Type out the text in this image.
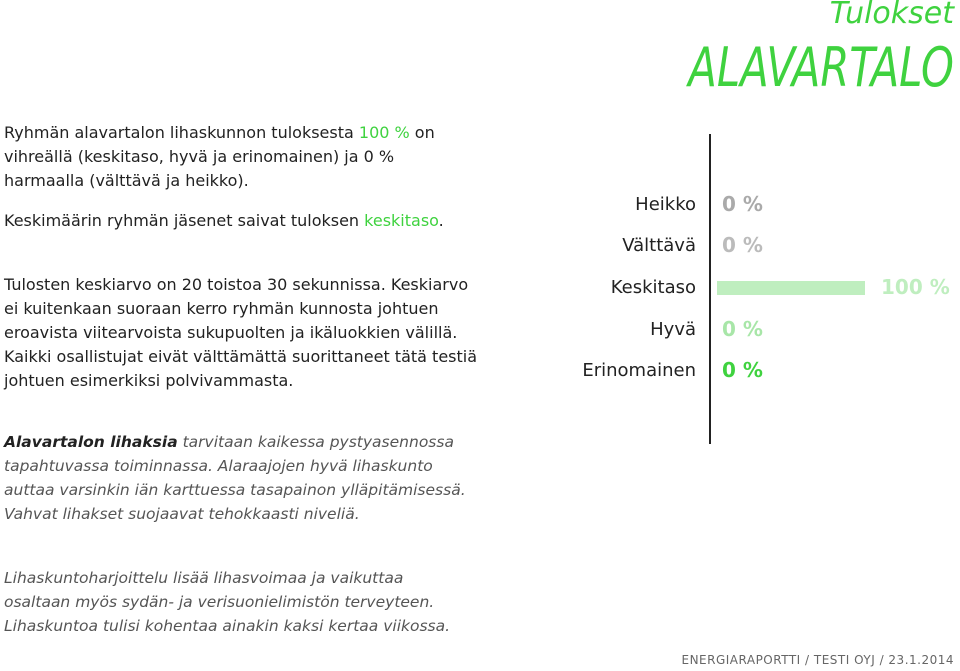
Tulokset
ALAVARTALO
Ryhmän alavartalon lihaskunnon tuloksesta 100 % on vihreällä (keskitaso, hyvä ja erinomainen) ja 0 % harmaalla (välttävä ja heikko).
Keskimäärin ryhmän jäsenet saivat tuloksen keskitaso.
Tulosten keskiarvo on 20 toistoa 30 sekunnissa. Keskiarvo ei kuitenkaan suoraan kerro ryhmän kunnosta johtuen eroavista viitearvoista sukupuolten ja ikäluokkien välillä. Kaikki osallistujat eivät välttämättä suorittaneet tätä testiä johtuen esimerkiksi polvivammasta.
Alavartalon lihaksia tarvitaan kaikessa pystyasennossa tapahtuvassa toiminnassa. Alaraajojen hyvä lihaskunto auttaa varsinkin iän karttuessa tasapainon ylläpitämisessä. Vahvat lihakset suojaavat tehokkaasti niveliä.
Lihaskuntoharjoittelu lisää lihasvoimaa ja vaikuttaa osaltaan myös sydän- ja verisuonielimistön terveyteen. Lihaskuntoa tulisi kohentaa ainakin kaksi kertaa viikossa.
Heikko 0 %
Välttävä 0 %
Keskitaso	100 %
Hyvä 0 %
Erinomainen 0 %
ENERGIARAPORTTI / TESTI OYJ / 23.1.2014
